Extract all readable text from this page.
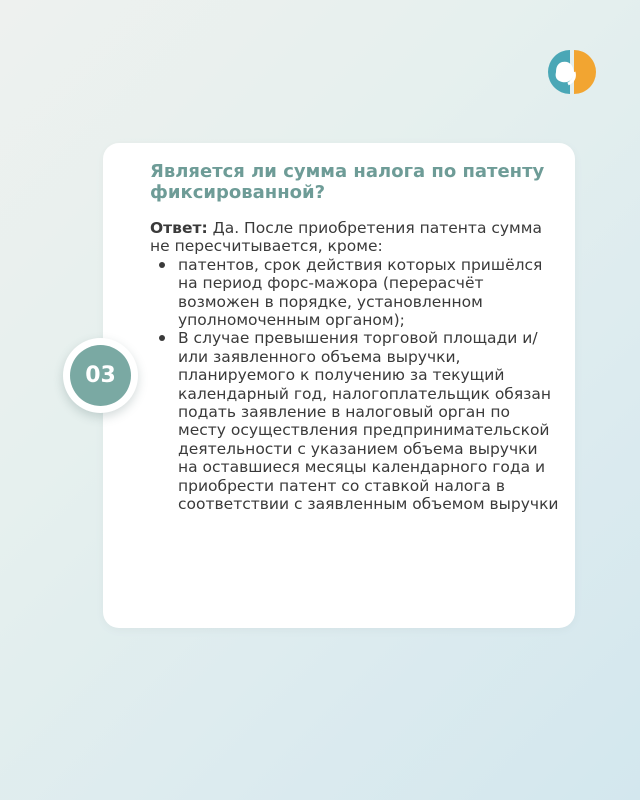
Является ли сумма налога по патенту фиксированной?

Ответ: Да. После приобретения патента сумма не пересчитывается, кроме:

патентов, срок действия которых пришёлся на период форс-мажора (перерасчёт возможен в порядке, установленном уполномоченным органом);
В случае превышения торговой площади и/или заявленного объема выручки, планируемого к получению за текущий календарный год, налогоплательщик обязан подать заявление в налоговый орган по месту осуществления предпринимательской деятельности с указанием объема выручки на оставшиеся месяцы календарного года и приобрести патент со ставкой налога в соответствии с заявленным объемом выручки
03
